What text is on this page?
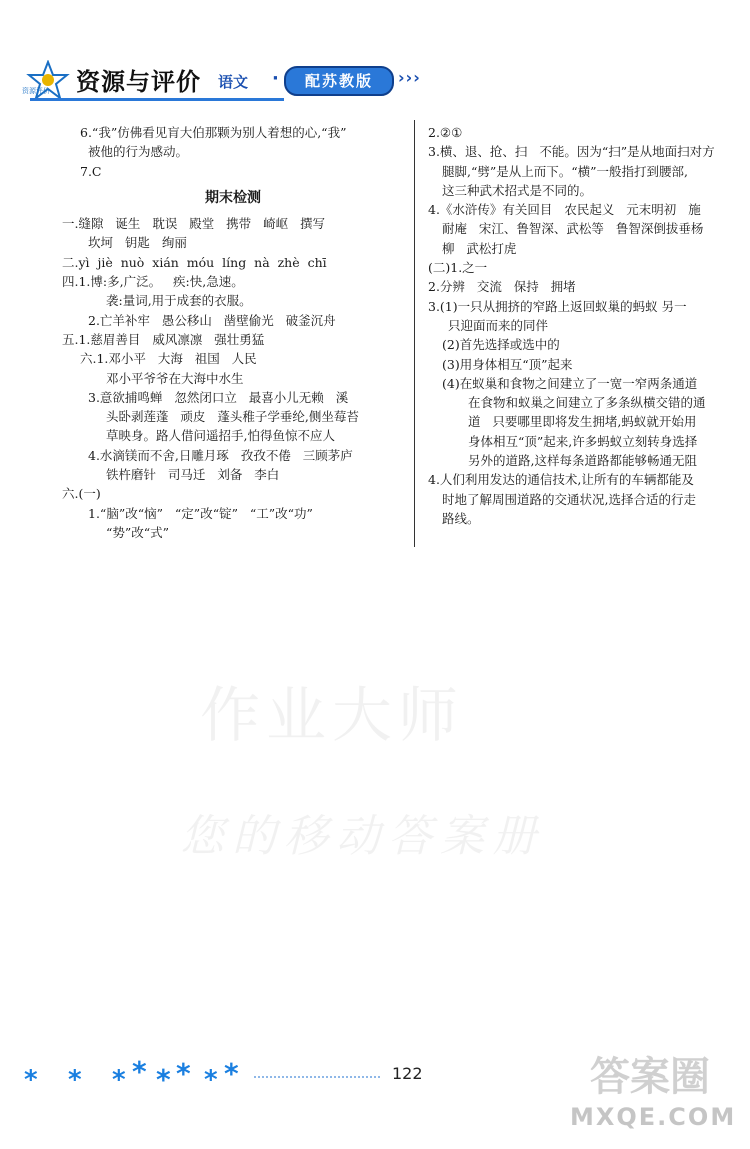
资源与评价 语文 ·	配苏教版	›››
资源评价
6.“我”仿佛看见肓大伯那颗为别人着想的心,“我”
被他的行为感动。
7.C
期末检测
一.缝隙   诞生   耽误   殿堂   携带   崎岖   撰写
坎坷   钥匙   绚丽
二.yì  jiè  nuò  xián  móu  líng  nà  zhè  chī
四.1.博:多,广泛。   疾:快,急速。
袭:量词,用于成套的衣服。
2.亡羊补牢   愚公移山   凿壁偷光   破釜沉舟
五.1.慈眉善目   威风凛凛   强壮勇猛
六.1.邓小平   大海   祖国   人民
邓小平爷爷在大海中水生
3.意欲捕鸣蝉   忽然闭口立   最喜小儿无赖   溪
头卧剥莲蓬   顽皮   蓬头稚子学垂纶,侧坐莓苔
草映身。路人借问遥招手,怕得鱼惊不应人
4.水滴镁而不舍,日雕月琢   孜孜不倦   三顾茅庐
铁杵磨针   司马迁   刘备   李白
六.(一)
1.“脑”改“恼”   “定”改“锭”   “工”改“功”
“势”改“式”
2.②①
3.横、退、抢、扫   不能。因为“扫”是从地面扫对方
腿脚,“劈”是从上而下。“横”一般指打到腰部,
这三种武术招式是不同的。
4.《水浒传》有关回目   农民起义   元末明初   施
耐庵   宋江、鲁智深、武松等   鲁智深倒拔垂杨
柳   武松打虎
(二)1.之一
2.分辨   交流   保持   拥堵
3.(1)一只从拥挤的窄路上返回蚁巢的蚂蚁 另一
只迎面而来的同伴
(2)首先选择或选中的
(3)用身体相互“顶”起来
(4)在蚁巢和食物之间建立了一宽一窄两条通道
在食物和蚁巢之间建立了多条纵横交错的通
道   只要哪里即将发生拥堵,蚂蚁就开始用
身体相互“顶”起来,许多蚂蚁立刻转身选择
另外的道路,这样每条道路都能够畅通无阻
4.人们利用发达的通信技术,让所有的车辆都能及
时地了解周围道路的交通状况,选择合适的行走
路线。
作业大师
您的移动答案册
答案圈
MXQE.COM
* * * * * * * *	122
